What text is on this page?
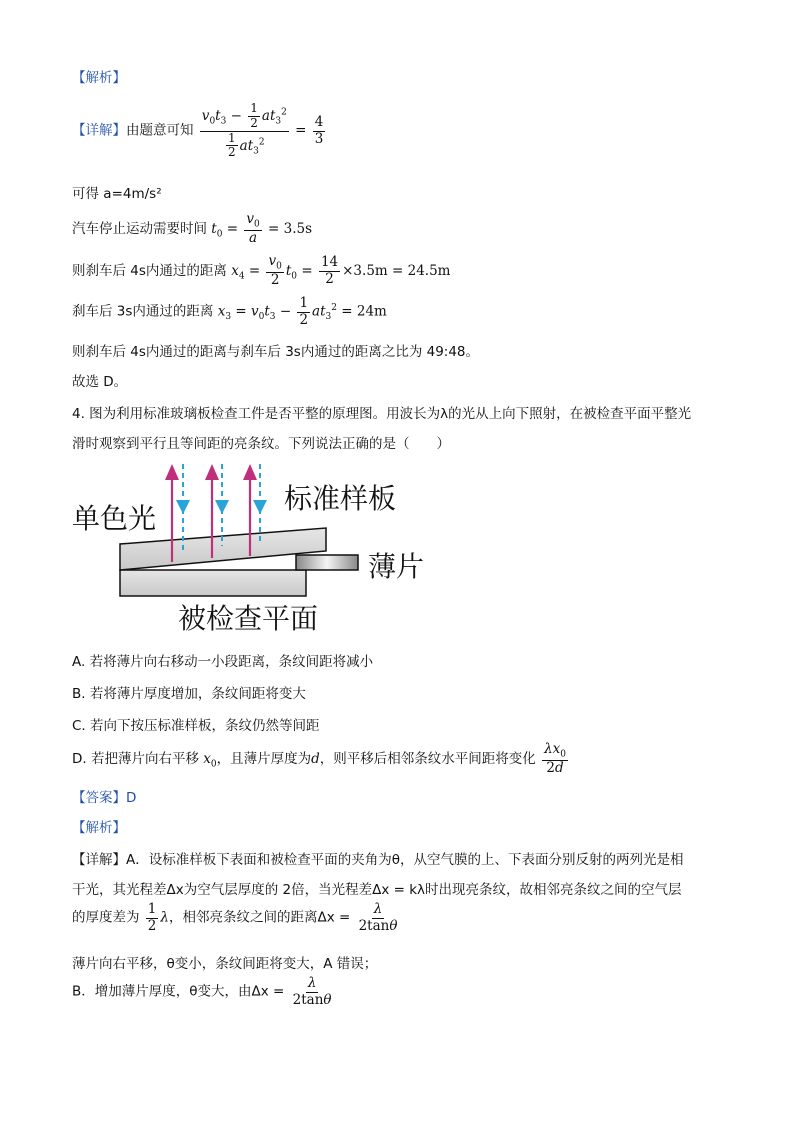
【解析】
【详解】由题意可知 $\frac{v_0t_3 - \frac{1}{2} at_3^2}{\frac{1}{2} at_3^2} = \frac{4}{3}$
可得 a=4m/s²
汽车停止运动需要时间 $t_0 = \frac{v_0}{a} = 3.5s$
则刹车后 4s内通过的距离 $x_4 = \frac{v_0}{2} t_0 = \frac{14}{2} \times 3.5m = 24.5m$
刹车后 3s内通过的距离 $x_3 = v_0t_3 - \frac{1}{2} at_3^2 = 24m$
则刹车后 4s内通过的距离与刹车后 3s内通过的距离之比为 49:48。
故选 D。
4. 图为利用标准玻璃板检查工件是否平整的原理图。用波长为λ的光从上向下照射，在被检查平面平整光
滑时观察到平行且等间距的亮条纹。下列说法正确的是（　　）
单色光
标准样板
薄片
被检查平面
A. 若将薄片向右移动一小段距离，条纹间距将减小
B. 若将薄片厚度增加，条纹间距将变大
C. 若向下按压标准样板，条纹仍然等间距
D. 若把薄片向右平移 $x_0$，且薄片厚度为d，则平移后相邻条纹水平间距将变化 $\frac{\lambda x_0}{2d}$
【答案】D
【解析】
【详解】A．设标准样板下表面和被检查平面的夹角为θ，从空气膜的上、下表面分别反射的两列光是相
干光，其光程差Δx为空气层厚度的 2倍，当光程差Δx = kλ时出现亮条纹，故相邻亮条纹之间的空气层
的厚度差为 $\frac{1}{2}$ λ，相邻亮条纹之间的距离$\Delta x = \frac{\lambda}{2\tan\theta}$
薄片向右平移，θ变小，条纹间距将变大，A 错误；
B．增加薄片厚度，θ变大，由$\Delta x = \frac{\lambda}{2\tan\theta}$
